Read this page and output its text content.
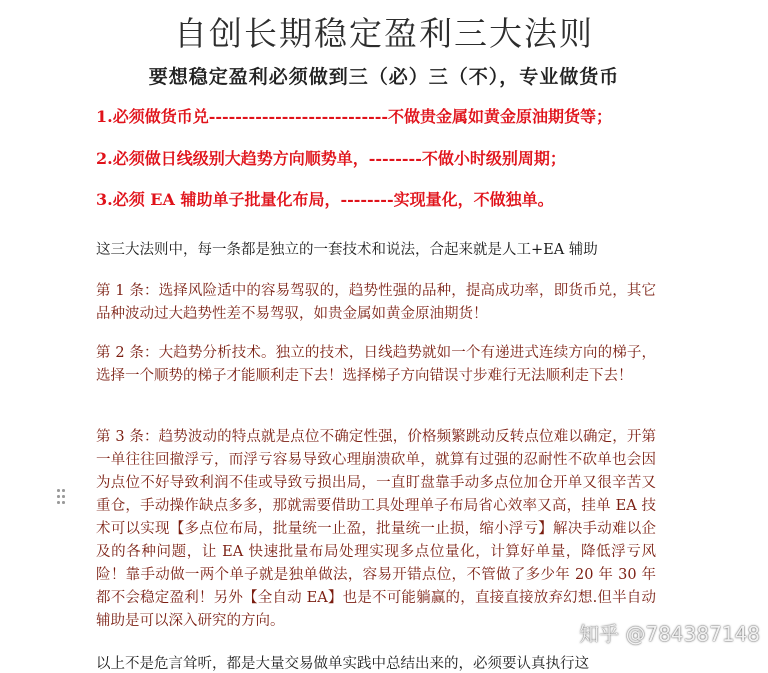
自创长期稳定盈利三大法则
要想稳定盈利必须做到三（必）三（不），专业做货币
1.必须做货币兑---------------------------不做贵金属如黄金原油期货等；
2.必须做日线级别大趋势方向顺势单，--------不做小时级别周期；
3.必须 EA 辅助单子批量化布局，--------实现量化，不做独单。
这三大法则中，每一条都是独立的一套技术和说法，合起来就是人工+EA 辅助
第 1 条：选择风险适中的容易驾驭的，趋势性强的品种，提高成功率，即货币兑，其它品种波动过大趋势性差不易驾驭，如贵金属如黄金原油期货！
第 2 条：大趋势分析技术。独立的技术，日线趋势就如一个有递进式连续方向的梯子，选择一个顺势的梯子才能顺利走下去！选择梯子方向错误寸步难行无法顺利走下去！
第 3 条：趋势波动的特点就是点位不确定性强，价格频繁跳动反转点位难以确定，开第一单往往回撤浮亏，而浮亏容易导致心理崩溃砍单，就算有过强的忍耐性不砍单也会因为点位不好导致利润不佳或导致亏损出局，一直盯盘靠手动多点位加仓开单又很辛苦又重仓，手动操作缺点多多，那就需要借助工具处理单子布局省心效率又高，挂单 EA 技术可以实现【多点位布局，批量统一止盈，批量统一止损，缩小浮亏】解决手动难以企及的各种问题，让 EA 快速批量布局处理实现多点位量化，计算好单量，降低浮亏风险！靠手动做一两个单子就是独单做法，容易开错点位，不管做了多少年 20 年 30 年都不会稳定盈利！另外【全自动 EA】也是不可能躺赢的，直接直接放弃幻想.但半自动辅助是可以深入研究的方向。
以上不是危言耸听，都是大量交易做单实践中总结出来的，必须要认真执行这
知乎 @784387148
